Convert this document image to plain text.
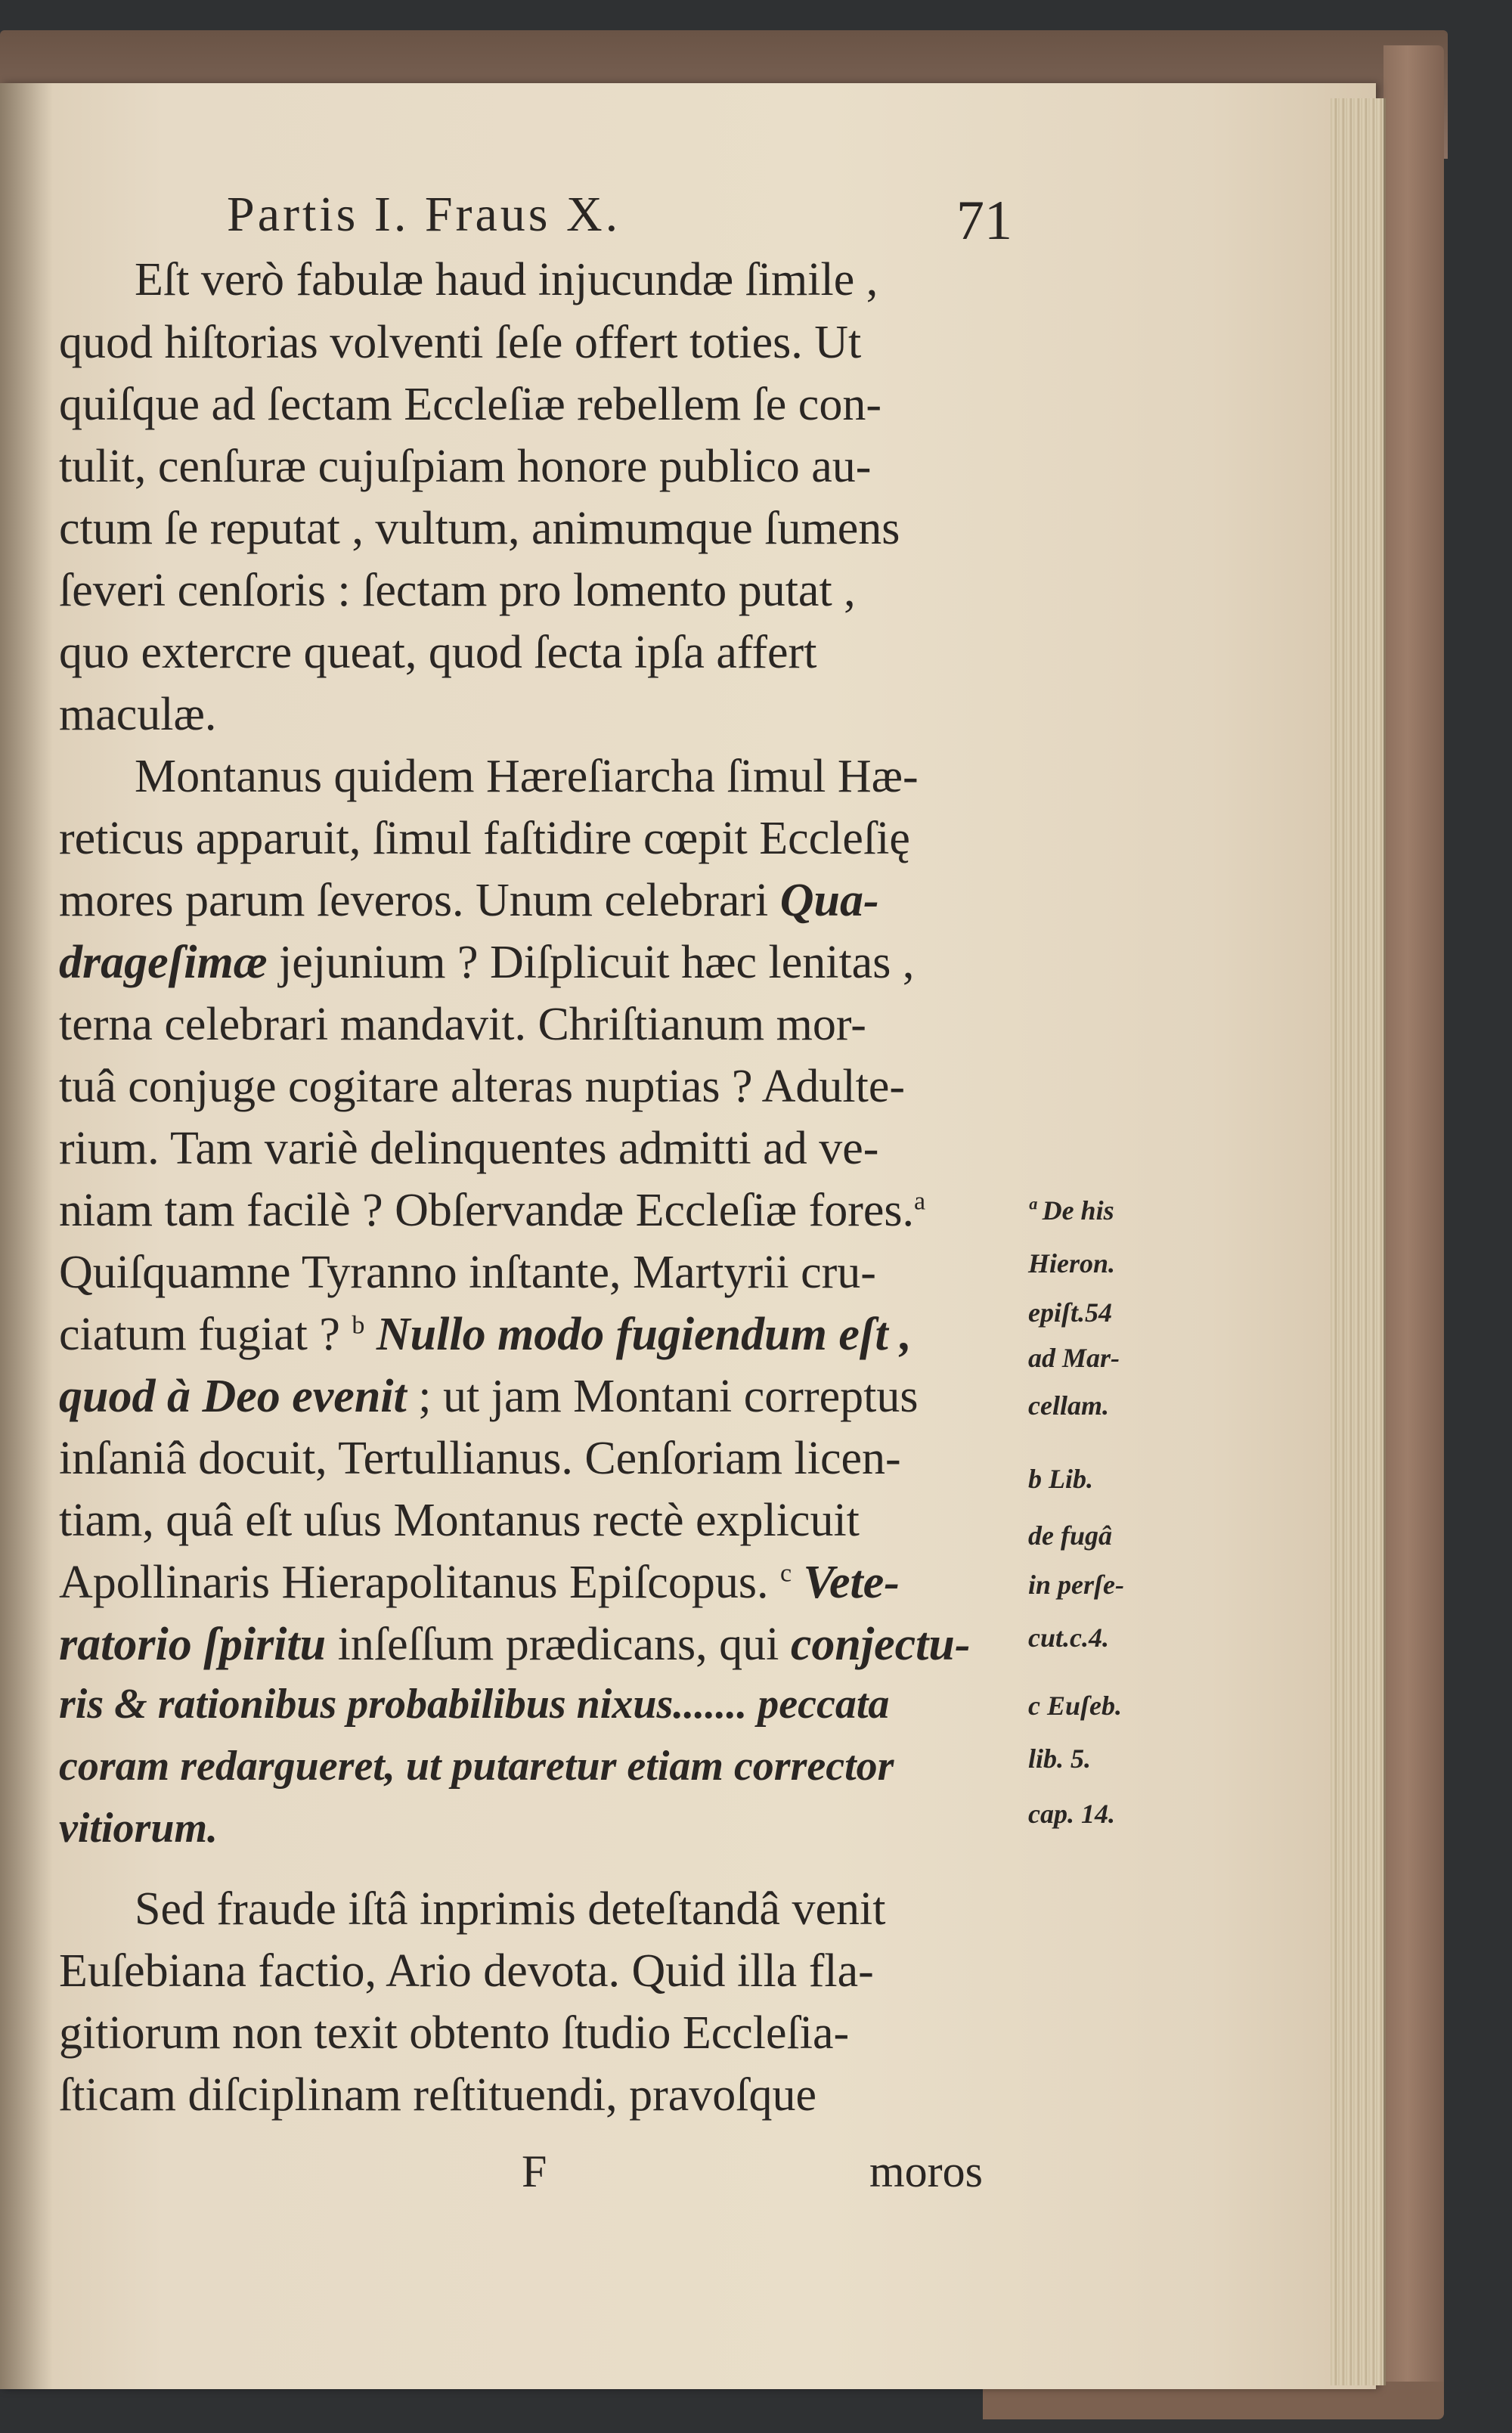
Partis I. Fraus X.	71
Eſt verò fabulæ haud injucundæ ſimile ,
quod hiſtorias volventi ſeſe offert toties. Ut
quiſque ad ſectam Eccleſiæ rebellem ſe con-
tulit, cenſuræ cujuſpiam honore publico au-
ctum ſe reputat , vultum, animumque ſumens
ſeveri cenſoris : ſectam pro lomento putat ,
quo extercre queat, quod ſecta ipſa affert
maculæ.
Montanus quidem Hæreſiarcha ſimul Hæ-
reticus apparuit, ſimul faſtidire cœpit Eccleſię
mores parum ſeveros. Unum celebrari Qua-
drageſimæ jejunium ? Diſplicuit hæc lenitas ,
terna celebrari mandavit. Chriſtianum mor-
tuâ conjuge cogitare alteras nuptias ? Adulte-
rium. Tam variè delinquentes admitti ad ve-
niam tam facilè ? Obſervandæ Eccleſiæ fores.$^a$
Quiſquamne Tyranno inſtante, Martyrii cru-
ciatum fugiat ? $^b$ Nullo modo fugiendum eſt ,
quod à Deo evenit ; ut jam Montani correptus
inſaniâ docuit, Tertullianus. Cenſoriam licen-
tiam, quâ eſt uſus Montanus rectè explicuit
Apollinaris Hierapolitanus Epiſcopus. $^c$ Vete-
ratorio ſpiritu inſeſſum prædicans, qui conjectu-
ris & rationibus probabilibus nixus....... peccata
coram redargueret, ut putaretur etiam corrector
vitiorum.
Sed fraude iſtâ inprimis deteſtandâ venit
Euſebiana factio, Ario devota. Quid illa fla-
gitiorum non texit obtento ſtudio Eccleſia-
ſticam diſciplinam reſtituendi, pravoſque
F	moros
ª De his
Hieron.
epiſt.54
ad Mar-
cellam.
b Lib.
de fugâ
in perſe-
cut.c.4.
c Euſeb.
lib. 5.
cap. 14.
